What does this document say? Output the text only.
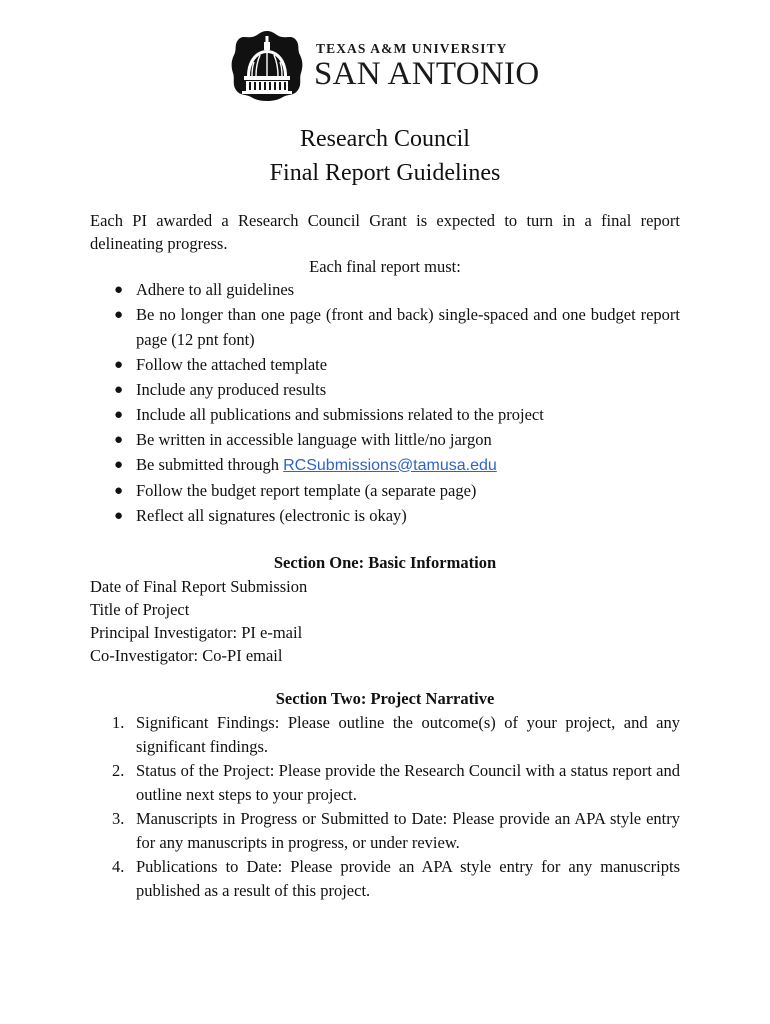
TEXAS A&M UNIVERSITY
SAN ANTONIO
Research Council
Final Report Guidelines
Each PI awarded a Research Council Grant is expected to turn in a final report delineating progress.
Each final report must:
● Adhere to all guidelines
● Be no longer than one page (front and back) single-spaced and one budget report page (12 pnt font)
● Follow the attached template
● Include any produced results
● Include all publications and submissions related to the project
● Be written in accessible language with little/no jargon
● Be submitted through RCSubmissions@tamusa.edu
● Follow the budget report template (a separate page)
● Reflect all signatures (electronic is okay)
Section One: Basic Information
Date of Final Report Submission
Title of Project
Principal Investigator: PI e-mail
Co-Investigator: Co-PI email
Section Two: Project Narrative
1. Significant Findings: Please outline the outcome(s) of your project, and any significant findings.
2. Status of the Project: Please provide the Research Council with a status report and outline next steps to your project.
3. Manuscripts in Progress or Submitted to Date: Please provide an APA style entry for any manuscripts in progress, or under review.
4. Publications to Date: Please provide an APA style entry for any manuscripts published as a result of this project.
